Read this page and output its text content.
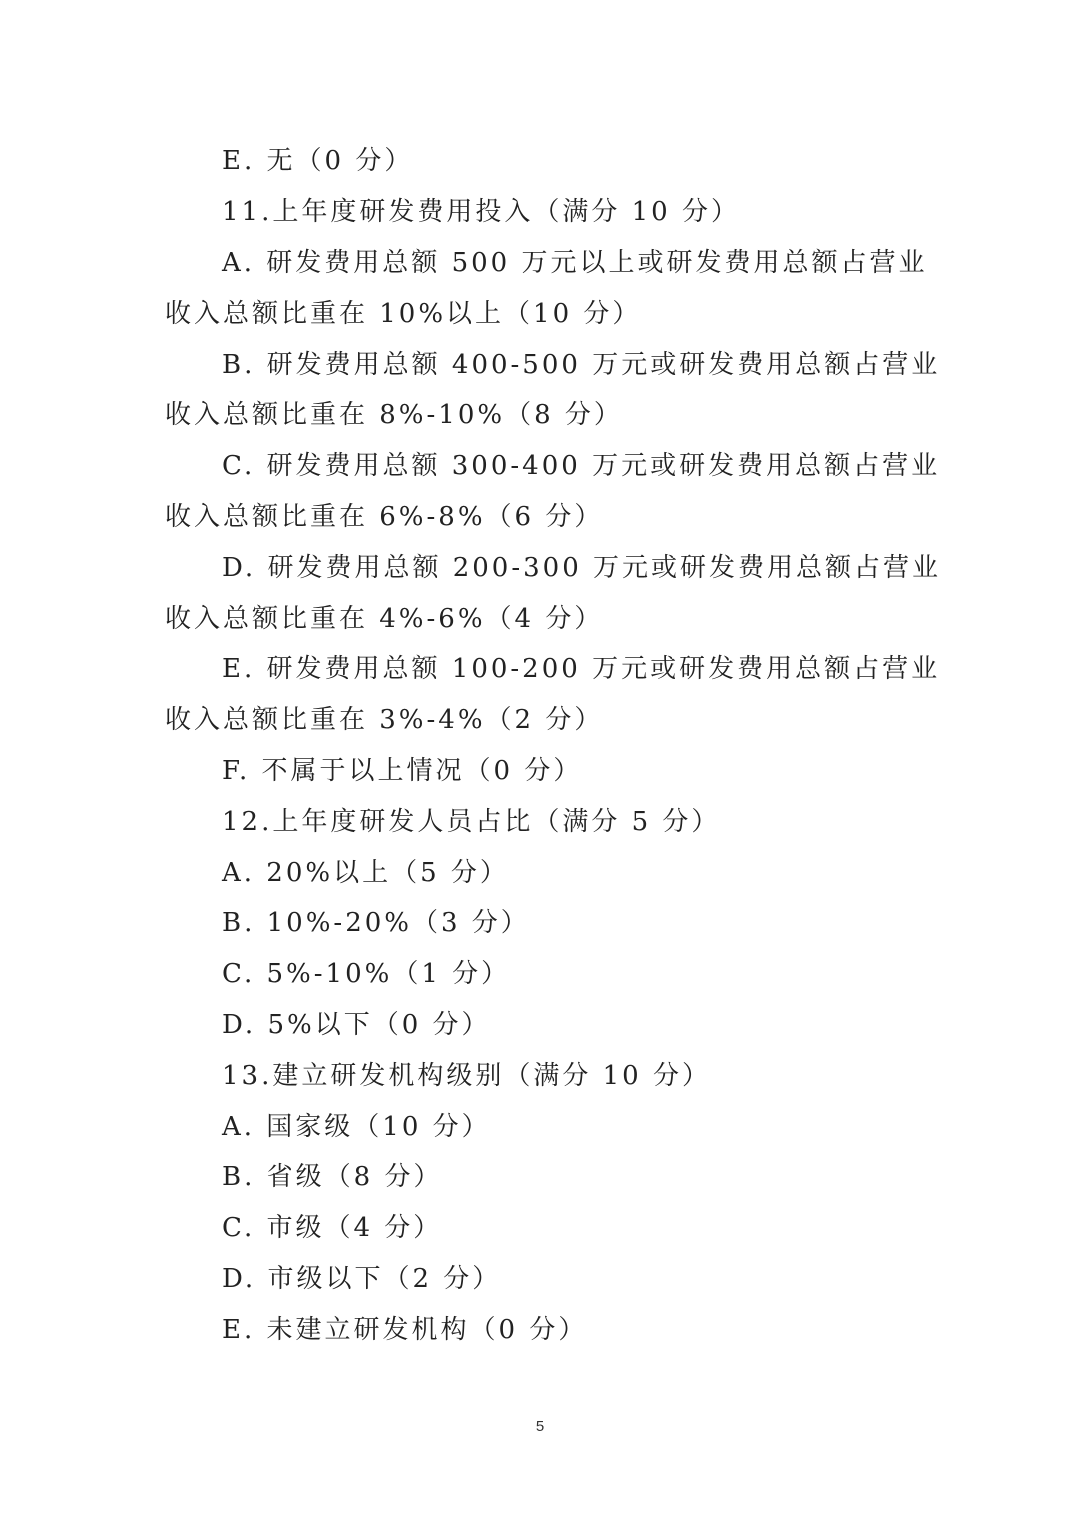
E. 无（0 分）
11.上年度研发费用投入（满分 10 分）
A. 研发费用总额 500 万元以上或研发费用总额占营业
收入总额比重在 10%以上（10 分）
B. 研发费用总额 400-500 万元或研发费用总额占营业
收入总额比重在 8%-10%（8 分）
C. 研发费用总额 300-400 万元或研发费用总额占营业
收入总额比重在 6%-8%（6 分）
D. 研发费用总额 200-300 万元或研发费用总额占营业
收入总额比重在 4%-6%（4 分）
E. 研发费用总额 100-200 万元或研发费用总额占营业
收入总额比重在 3%-4%（2 分）
F. 不属于以上情况（0 分）
12.上年度研发人员占比（满分 5 分）
A. 20%以上（5 分）
B. 10%-20%（3 分）
C. 5%-10%（1 分）
D. 5%以下（0 分）
13.建立研发机构级别（满分 10 分）
A. 国家级（10 分）
B. 省级（8 分）
C. 市级（4 分）
D. 市级以下（2 分）
E. 未建立研发机构（0 分）
5
